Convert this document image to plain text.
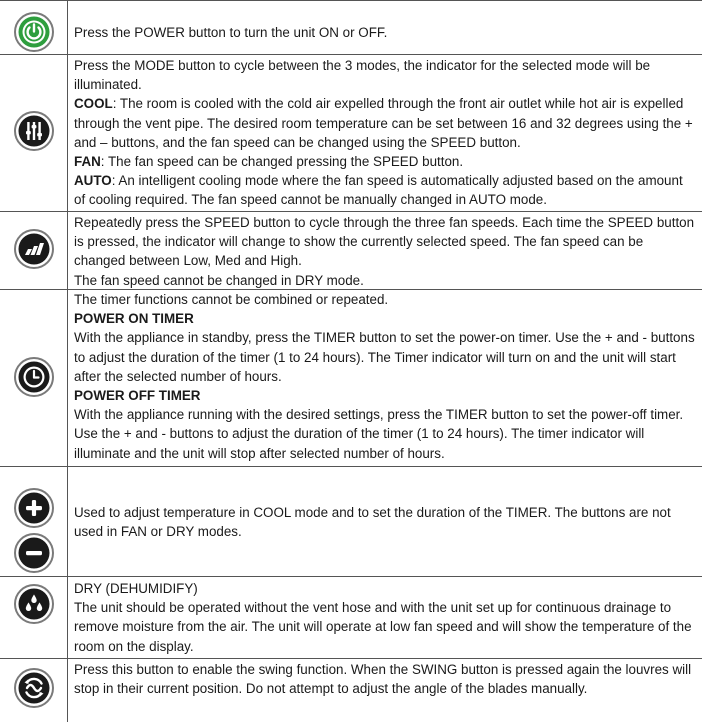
Press the POWER button to turn the unit ON or OFF.

Press the MODE button to cycle between the 3 modes, the indicator for the selected mode will be illuminated.

COOL: The room is cooled with the cold air expelled through the front air outlet while hot air is expelled through the vent pipe. The desired room temperature can be set between 16 and 32 degrees using the + and – buttons, and the fan speed can be changed using the SPEED button.

FAN: The fan speed can be changed pressing the SPEED button.

AUTO: An intelligent cooling mode where the fan speed is automatically adjusted based on the amount of cooling required. The fan speed cannot be manually changed in AUTO mode.

Repeatedly press the SPEED button to cycle through the three fan speeds. Each time the SPEED button is pressed, the indicator will change to show the currently selected speed. The fan speed can be changed between Low, Med and High.

The fan speed cannot be changed in DRY mode.

The timer functions cannot be combined or repeated.

POWER ON TIMER

With the appliance in standby, press the TIMER button to set the power-on timer. Use the + and - buttons to adjust the duration of the timer (1 to 24 hours). The Timer indicator will turn on and the unit will start after the selected number of hours.

POWER OFF TIMER

With the appliance running with the desired settings, press the TIMER button to set the power-off timer. Use the + and - buttons to adjust the duration of the timer (1 to 24 hours). The timer indicator will illuminate and the unit will stop after selected number of hours.

Used to adjust temperature in COOL mode and to set the duration of the TIMER. The buttons are not used in FAN or DRY modes.

DRY (DEHUMIDIFY)

The unit should be operated without the vent hose and with the unit set up for continuous drainage to remove moisture from the air. The unit will operate at low fan speed and will show the temperature of the room on the display.

Press this button to enable the swing function. When the SWING button is pressed again the louvres will stop in their current position. Do not attempt to adjust the angle of the blades manually.
